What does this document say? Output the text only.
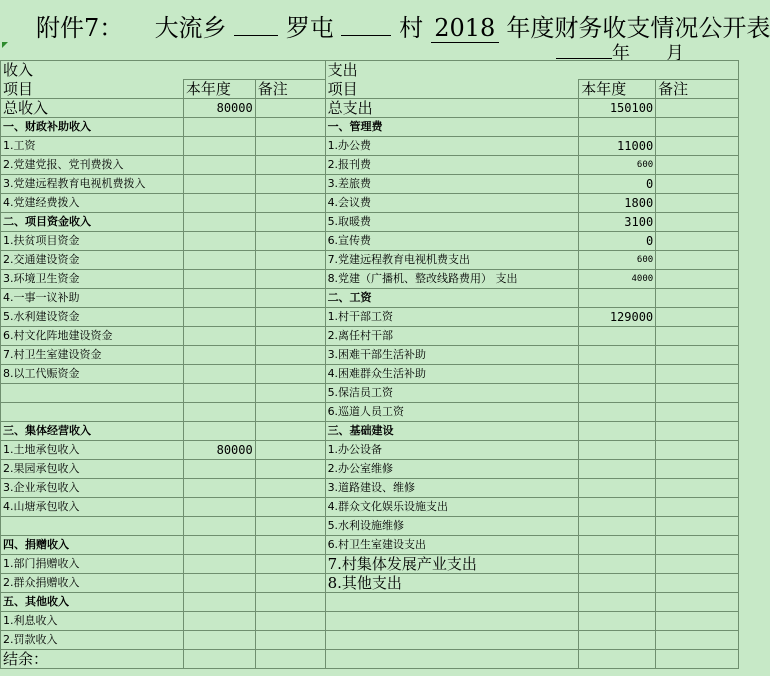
附件7： 大流乡 罗屯	村 2018 年度财务收支情况公开表
年 月
收入			支出		
项目	本年度	备注	项目	本年度	备注
总收入	80000		总支出	150100	
一、财政补助收入			一、管理费		
1.工资			1.办公费	11000	
2.党建党报、党刊费拨入			2.报刊费	600	
3.党建远程教育电视机费拨入			3.差旅费	0	
4.党建经费拨入			4.会议费	1800	
二、项目资金收入			5.取暖费	3100	
1.扶贫项目资金			6.宣传费	0	
2.交通建设资金			7.党建远程教育电视机费支出	600	
3.环境卫生资金			8.党建（广播机、整改线路费用） 支出	4000	
4.一事一议补助			二、工资		
5.水利建设资金			1.村干部工资	129000	
6.村文化阵地建设资金			2.离任村干部		
7.村卫生室建设资金			3.困难干部生活补助		
8.以工代赈资金			4.困难群众生活补助		
			5.保洁员工资		
			6.巡道人员工资		
三、集体经营收入			三、基础建设		
1.土地承包收入	80000		1.办公设备		
2.果园承包收入			2.办公室维修		
3.企业承包收入			3.道路建设、维修		
4.山塘承包收入			4.群众文化娱乐设施支出		
			5.水利设施维修		
四、捐赠收入			6.村卫生室建设支出		
1.部门捐赠收入			7.村集体发展产业支出		
2.群众捐赠收入			8.其他支出		
五、其他收入					
1.利息收入					
2.罚款收入					
结余：					
